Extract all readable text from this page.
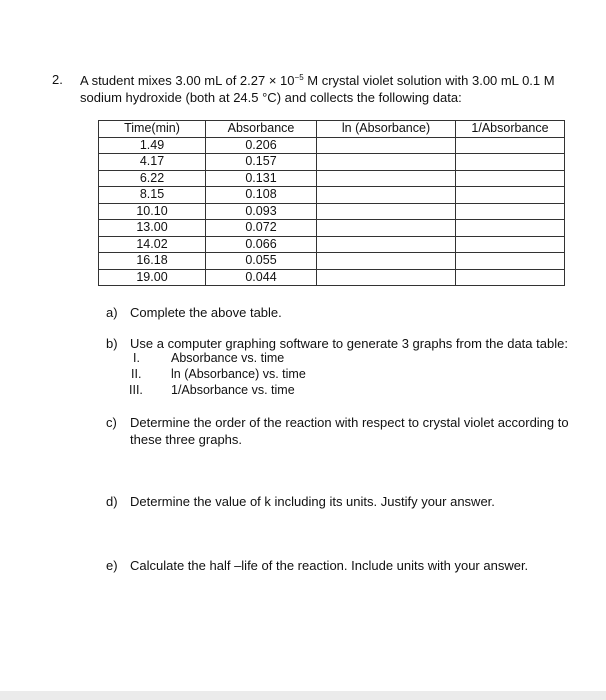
2. A student mixes 3.00 mL of $2.27 \times 10^{-5}$ M crystal violet solution with 3.00 mL 0.1 M sodium hydroxide (both at 24.5 °C) and collects the following data:
Time(min)	Absorbance	ln (Absorbance)	1/Absorbance
1.49	0.206		
4.17	0.157		
6.22	0.131		
8.15	0.108		
10.10	0.093		
13.00	0.072		
14.02	0.066		
16.18	0.055		
19.00	0.044		
a) Complete the above table.
b) Use a computer graphing software to generate 3 graphs from the data table:
I. Absorbance vs. time
II. ln (Absorbance) vs. time
III. 1/Absorbance vs. time
c) Determine the order of the reaction with respect to crystal violet according to these three graphs.
d) Determine the value of k including its units. Justify your answer.
e) Calculate the half –life of the reaction. Include units with your answer.
